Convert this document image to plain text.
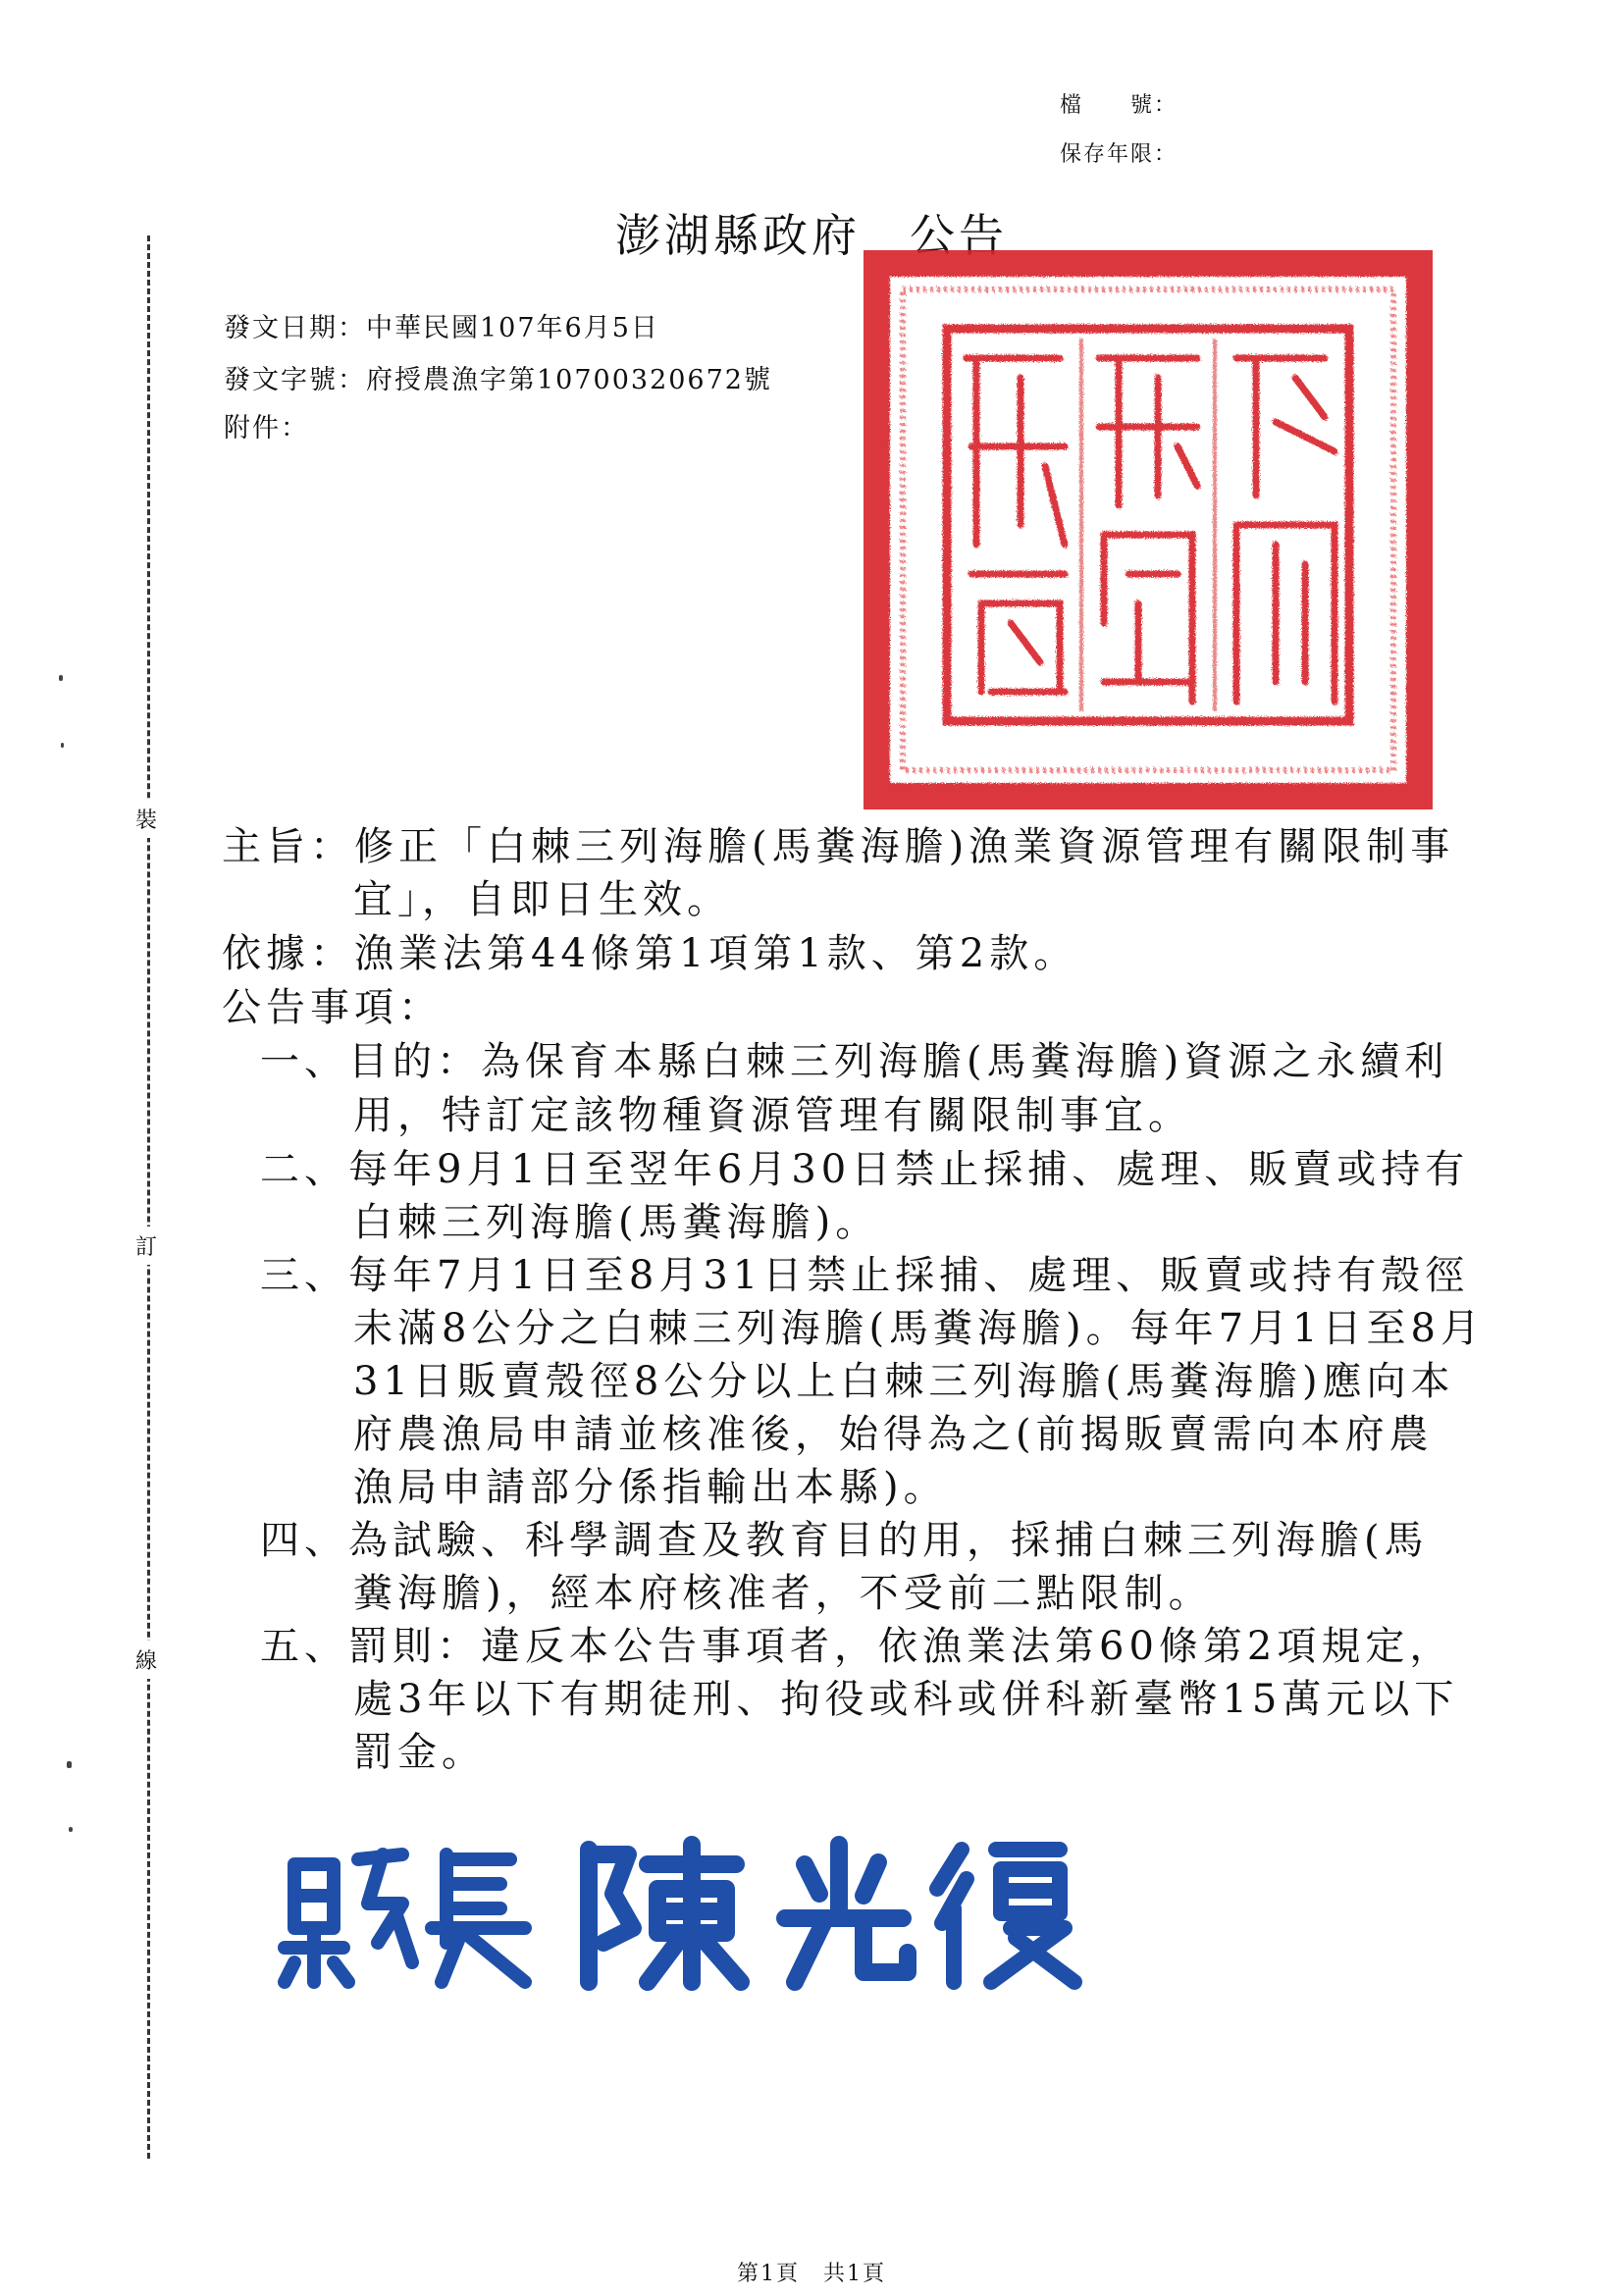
檔　　號：
保存年限：
澎湖縣政府　公告
發文日期：中華民國107年6月5日
發文字號：府授農漁字第10700320672號
附件：
裝
訂
線
主旨：修正「白棘三列海膽(馬糞海膽)漁業資源管理有關限制事
宜」，自即日生效。
依據：漁業法第44條第1項第1款、第2款。
公告事項：
一、目的：為保育本縣白棘三列海膽(馬糞海膽)資源之永續利
用，特訂定該物種資源管理有關限制事宜。
二、每年9月1日至翌年6月30日禁止採捕、處理、販賣或持有
白棘三列海膽(馬糞海膽)。
三、每年7月1日至8月31日禁止採捕、處理、販賣或持有殼徑
未滿8公分之白棘三列海膽(馬糞海膽)。每年7月1日至8月
31日販賣殼徑8公分以上白棘三列海膽(馬糞海膽)應向本
府農漁局申請並核准後，始得為之(前揭販賣需向本府農
漁局申請部分係指輸出本縣)。
四、為試驗、科學調查及教育目的用，採捕白棘三列海膽(馬
糞海膽)，經本府核准者，不受前二點限制。
五、罰則：違反本公告事項者，依漁業法第60條第2項規定，
處3年以下有期徒刑、拘役或科或併科新臺幣15萬元以下
罰金。
第1頁　共1頁
